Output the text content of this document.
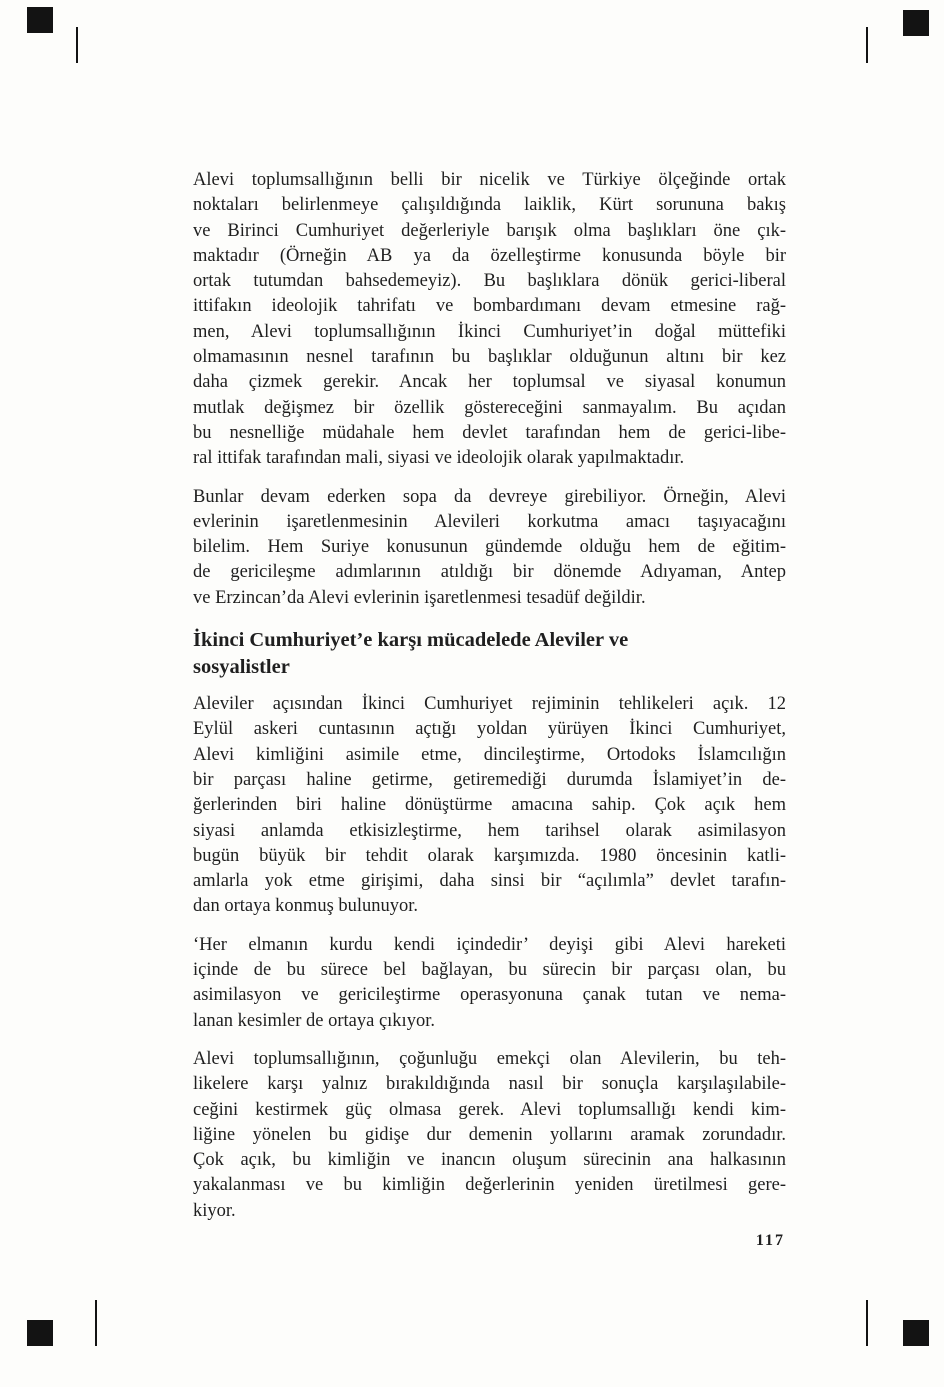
Alevi toplumsallığının belli bir nicelik ve Türkiye ölçeğinde ortak
noktaları belirlenmeye çalışıldığında laiklik, Kürt sorununa bakış
ve Birinci Cumhuriyet değerleriyle barışık olma başlıkları öne çık-
maktadır (Örneğin AB ya da özelleştirme konusunda böyle bir
ortak tutumdan bahsedemeyiz). Bu başlıklara dönük gerici-liberal
ittifakın ideolojik tahrifatı ve bombardımanı devam etmesine rağ-
men, Alevi toplumsallığının İkinci Cumhuriyet’in doğal müttefiki
olmamasının nesnel tarafının bu başlıklar olduğunun altını bir kez
daha çizmek gerekir. Ancak her toplumsal ve siyasal konumun
mutlak değişmez bir özellik göstereceğini sanmayalım. Bu açıdan
bu nesnelliğe müdahale hem devlet tarafından hem de gerici-libe-
ral ittifak tarafından mali, siyasi ve ideolojik olarak yapılmaktadır.
Bunlar devam ederken sopa da devreye girebiliyor. Örneğin, Alevi
evlerinin işaretlenmesinin Alevileri korkutma amacı taşıyacağını
bilelim. Hem Suriye konusunun gündemde olduğu hem de eğitim-
de gericileşme adımlarının atıldığı bir dönemde Adıyaman, Antep
ve Erzincan’da Alevi evlerinin işaretlenmesi tesadüf değildir.
İkinci Cumhuriyet’e karşı mücadelede Aleviler ve
sosyalistler
Aleviler açısından İkinci Cumhuriyet rejiminin tehlikeleri açık. 12
Eylül askeri cuntasının açtığı yoldan yürüyen İkinci Cumhuriyet,
Alevi kimliğini asimile etme, dincileştirme, Ortodoks İslamcılığın
bir parçası haline getirme, getiremediği durumda İslamiyet’in de-
ğerlerinden biri haline dönüştürme amacına sahip. Çok açık hem
siyasi anlamda etkisizleştirme, hem tarihsel olarak asimilasyon
bugün büyük bir tehdit olarak karşımızda. 1980 öncesinin katli-
amlarla yok etme girişimi, daha sinsi bir “açılımla” devlet tarafın-
dan ortaya konmuş bulunuyor.
‘Her elmanın kurdu kendi içindedir’ deyişi gibi Alevi hareketi
içinde de bu sürece bel bağlayan, bu sürecin bir parçası olan, bu
asimilasyon ve gericileştirme operasyonuna çanak tutan ve nema-
lanan kesimler de ortaya çıkıyor.
Alevi toplumsallığının, çoğunluğu emekçi olan Alevilerin, bu teh-
likelere karşı yalnız bırakıldığında nasıl bir sonuçla karşılaşılabile-
ceğini kestirmek güç olmasa gerek. Alevi toplumsallığı kendi kim-
liğine yönelen bu gidişe dur demenin yollarını aramak zorundadır.
Çok açık, bu kimliğin ve inancın oluşum sürecinin ana halkasının
yakalanması ve bu kimliğin değerlerinin yeniden üretilmesi gere-
kiyor.
117
